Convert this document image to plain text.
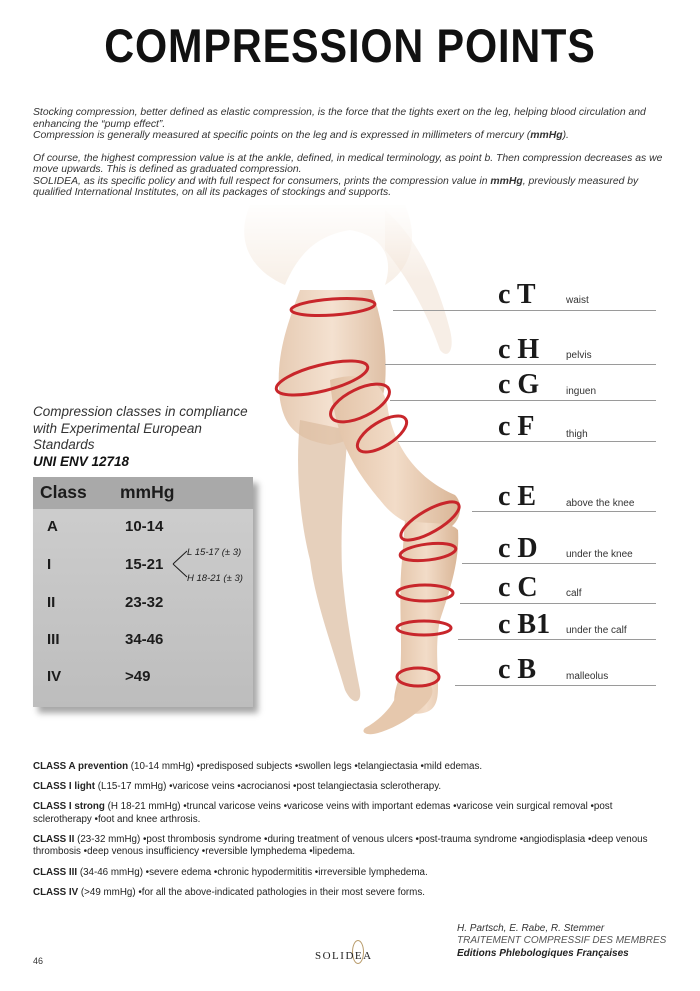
COMPRESSION POINTS

Stocking compression, better defined as elastic compression, is the force that the tights exert on the leg, helping blood circulation and enhancing the “pump effect”.
Compression is generally measured at specific points on the leg and is expressed in millimeters of mercury (mmHg).

Of course, the highest compression value is at the ankle, defined, in medical terminology, as point b. Then compression decreases as we move upwards. This is defined as graduated compression.
SOLIDEA, as its specific policy and with full respect for consumers, prints the compression value in mmHg, previously measured by qualified International Institutes, on all its packages of stockings and supports.

c T	waist
c H	pelvis
c G	inguen
c F	thigh
c E	above the knee
c D	under the knee
c C	calf
c B1 under the calf
c B	malleolus
Compression classes in compliance with Experimental European Standards
UNI ENV 12718
Class mmHg
A	10-14
I	15-21
L 15-17 (± 3)
H 18-21 (± 3)
II	23-32
III	34-46
IV	>49

CLASS A prevention (10-14 mmHg) •predisposed subjects •swollen legs •telangiectasia •mild edemas.

CLASS I light (L15-17 mmHg) •varicose veins •acrocianosi •post telangiectasia sclerotherapy.

CLASS I strong (H 18-21 mmHg) •truncal varicose veins •varicose veins with important edemas •varicose vein surgical removal •post sclerotherapy •foot and knee arthrosis.

CLASS II (23-32 mmHg) •post thrombosis syndrome •during treatment of venous ulcers •post-trauma syndrome •angiodisplasia •deep venous thrombosis •deep venous insufficiency •reversible lymphedema •lipedema.

CLASS III (34-46 mmHg) •severe edema •chronic hypodermititis •irreversible lymphedema.

CLASS IV (>49 mmHg) •for all the above-indicated pathologies in their most severe forms.

H. Partsch, E. Rabe, R. Stemmer
TRAITEMENT COMPRESSIF DES MEMBRES
Editions Phlebologiques Françaises
46	SOLIDEA
